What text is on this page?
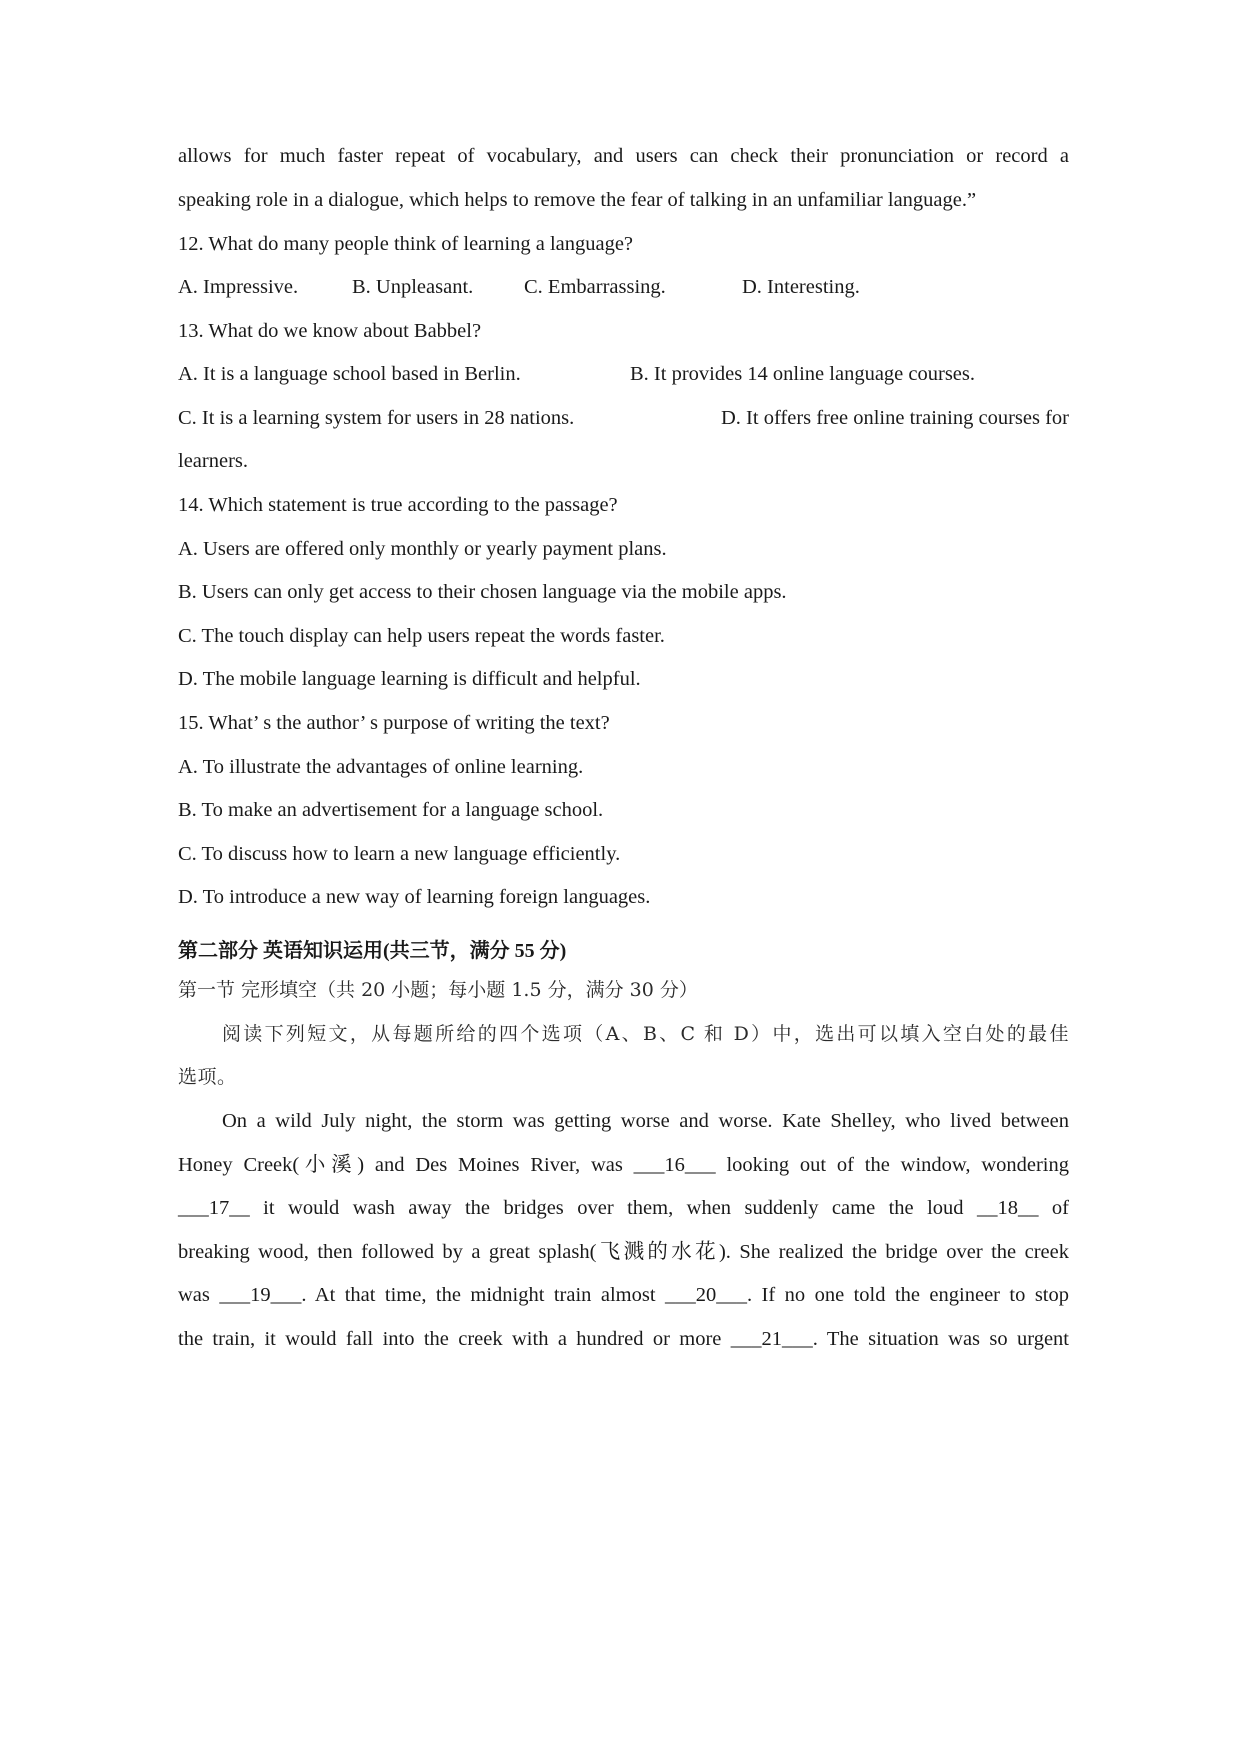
allows for much faster repeat of vocabulary, and users can check their pronunciation or record a
speaking role in a dialogue, which helps to remove the fear of talking in an unfamiliar language.”
12. What do many people think of learning a language?
A. Impressive.	B. Unpleasant. C. Embarrassing.	D. Interesting.
13. What do we know about Babbel?
A. It is a language school based in Berlin.	B. It provides 14 online language courses.
C. It is a learning system for users in 28 nations.	D. It offers free online training courses for
learners.
14. Which statement is true according to the passage?
A. Users are offered only monthly or yearly payment plans.
B. Users can only get access to their chosen language via the mobile apps.
C. The touch display can help users repeat the words faster.
D. The mobile language learning is difficult and helpful.
15. What’ s the author’ s purpose of writing the text?
A. To illustrate the advantages of online learning.
B. To make an advertisement for a language school.
C. To discuss how to learn a new language efficiently.
D. To introduce a new way of learning foreign languages.
第二部分 英语知识运用(共三节，满分 55 分)
第一节 完形填空（共 20 小题；每小题 1.5 分，满分 30 分）
阅读下列短文，从每题所给的四个选项（A、B、C 和 D）中，选出可以填入空白处的最佳
选项。
On a wild July night, the storm was getting worse and worse. Kate Shelley, who lived between
Honey Creek(小溪) and Des Moines River, was ___16___ looking out of the window, wondering
___17__ it would wash away the bridges over them, when suddenly came the loud __18__ of
breaking wood, then followed by a great splash(飞溅的水花). She realized the bridge over the creek
was ___19___. At that time, the midnight train almost ___20___. If no one told the engineer to stop
the train, it would fall into the creek with a hundred or more ___21___. The situation was so urgent
